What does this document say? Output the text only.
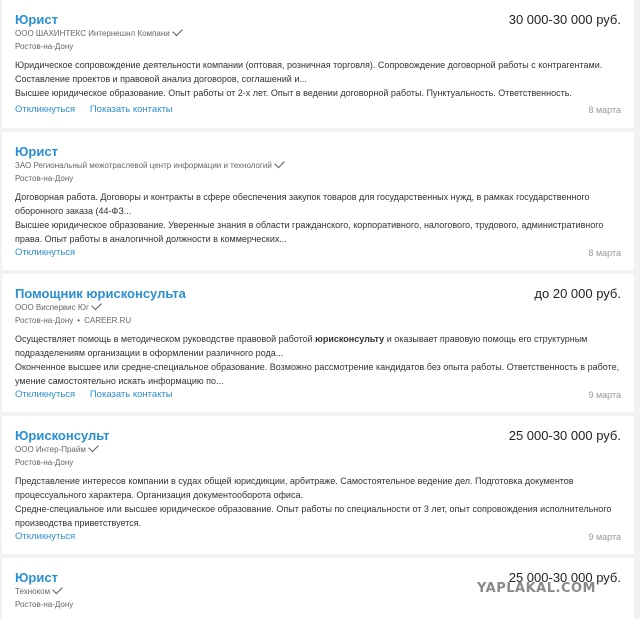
Юрист	30 000-30 000 руб.
ООО ШАХИНТЕКС Интернешнл Компани
Ростов-на-Дону

Юридическое сопровождение деятельности компании (оптовая, розничная торговля). Сопровождение договорной работы с контрагентами. Составление проектов и правовой анализ договоров, соглашений и...

Высшее юридическое образование. Опыт работы от 2-х лет. Опыт в ведении договорной работы. Пунктуальность. Ответственность.

Откликнуться Показать контакты	8 марта
Юрист
ЗАО Региональный межотраслевой центр информации и технологий
Ростов-на-Дону

Договорная работа. Договоры и контракты в сфере обеспечения закупок товаров для государственных нужд, в рамках государственного оборонного заказа (44-ФЗ...

Высшее юридическое образование. Уверенные знания в области гражданского, корпоративного, налогового, трудового, административного права. Опыт работы в аналогичной должности в коммерческих...

Откликнуться	8 марта
Помощник юрисконсульта	до 20 000 руб.
ООО Виспервис Юг
Ростов-на-Дону • CAREER.RU

Осуществляет помощь в методическом руководстве правовой работой юрисконсульту и оказывает правовую помощь его структурным подразделениям организации в оформлении различного рода...

Оконченное высшее или средне-специальное образование. Возможно рассмотрение кандидатов без опыта работы. Ответственность в работе, умение самостоятельно искать информацию по...

Откликнуться Показать контакты	9 марта
Юрисконсульт	25 000-30 000 руб.
ООО Интер-Прайм
Ростов-на-Дону

Представление интересов компании в судах общей юрисдикции, арбитраже. Самостоятельное ведение дел. Подготовка документов процессуального характера. Организация документооборота офиса.

Средне-специальное или высшее юридическое образование. Опыт работы по специальности от 3 лет, опыт сопровождения исполнительного производства приветствуется.

Откликнуться	9 марта
Юрист	25 000-30 000 руб.
Техноком
Ростов-на-Дону
YAPLAKAL.COM
